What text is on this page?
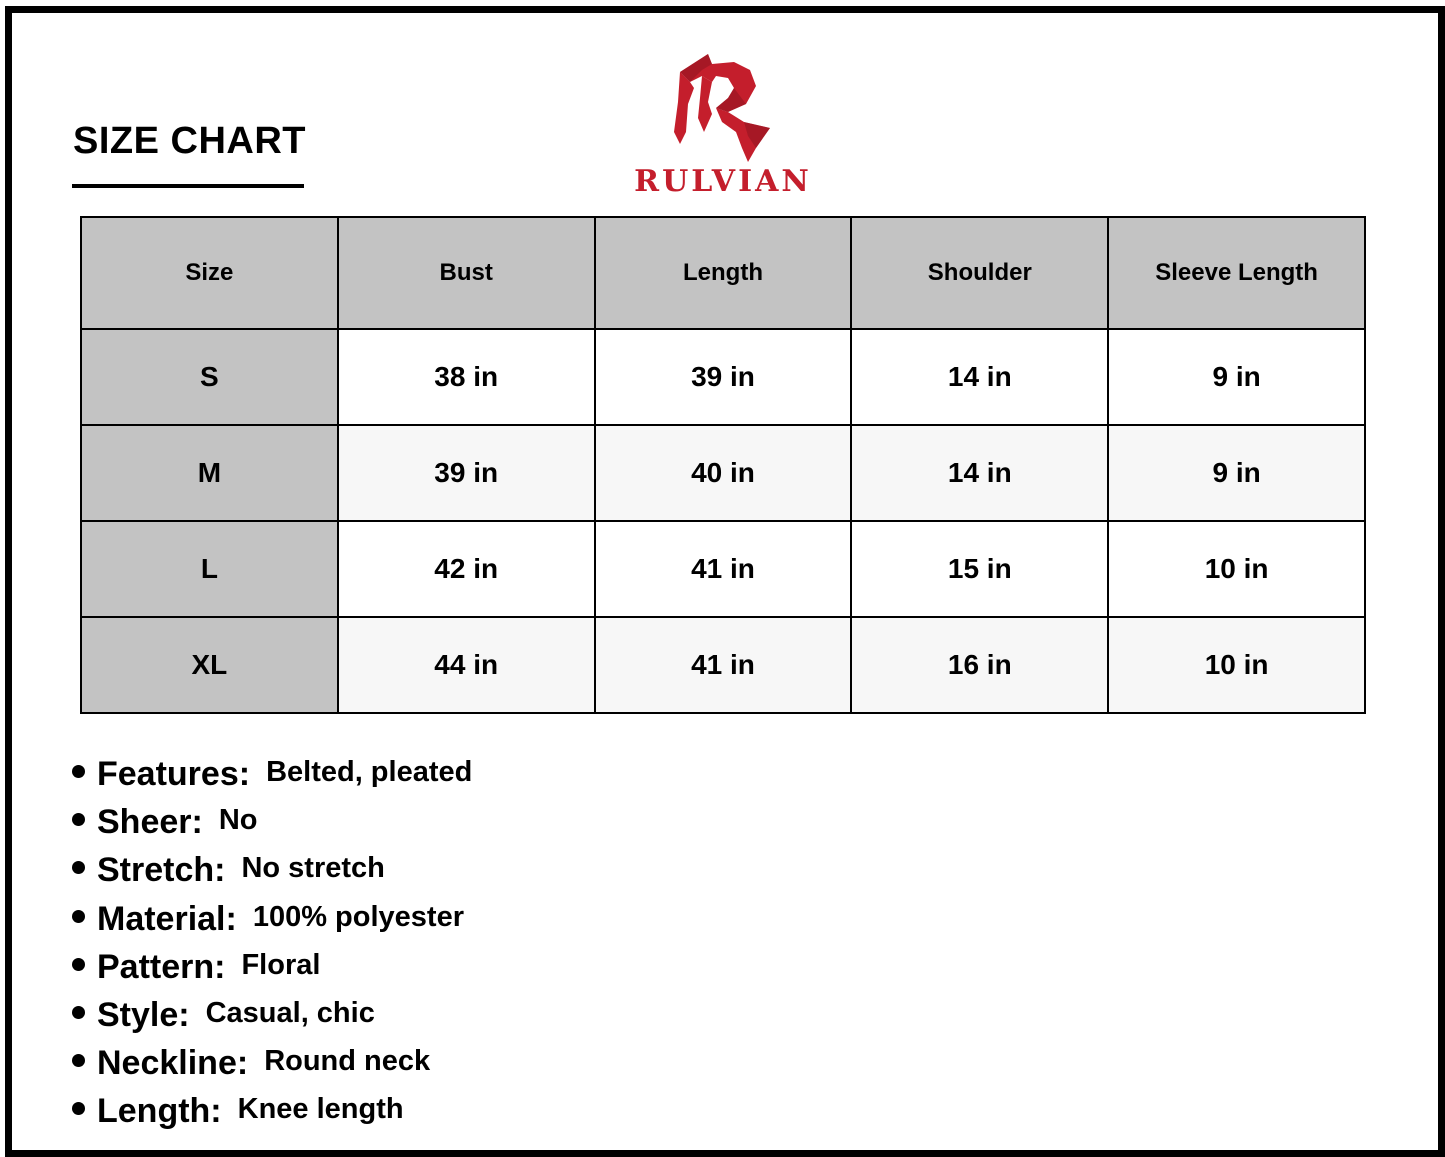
SIZE CHART
RULVIAN
Size	Bust	Length	Shoulder	Sleeve Length
S	38 in	39 in	14 in	9 in
M	39 in	40 in	14 in	9 in
L	42 in	41 in	15 in	10 in
XL	44 in	41 in	16 in	10 in
Features: Belted, pleated
Sheer: No
Stretch: No stretch
Material: 100% polyester
Pattern: Floral
Style: Casual, chic
Neckline: Round neck
Length: Knee length
